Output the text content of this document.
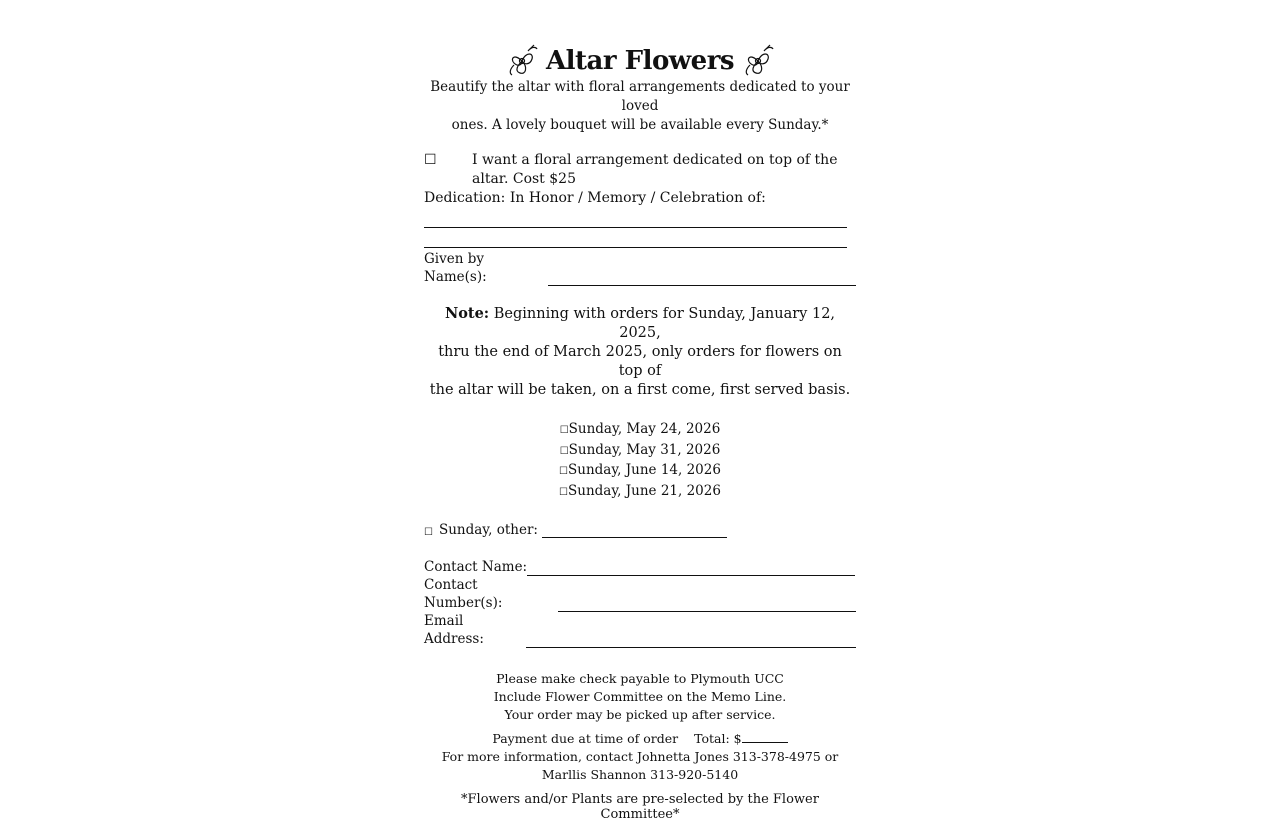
Altar Flowers
Beautify the altar with floral arrangements dedicated to your loved
ones. A lovely bouquet will be available every Sunday.*
☐	I want a floral arrangement dedicated on top of the
altar. Cost $25
Dedication: In Honor / Memory / Celebration of:
Given by Name(s):
Note: Beginning with orders for Sunday, January 12, 2025,
thru the end of March 2025, only orders for flowers on top of
the altar will be taken, on a first come, first served basis.
☐Sunday, May 24, 2026
☐Sunday, May 31, 2026
☐Sunday, June 14, 2026
☐Sunday, June 21, 2026
☐ Sunday, other:
Contact Name:
Contact Number(s):
Email Address:
Please make check payable to Plymouth UCC
Include Flower Committee on the Memo Line.
Your order may be picked up after service.
Payment due at time of order Total: $
For more information, contact Johnetta Jones 313-378-4975 or
Marllis Shannon 313-920-5140
*Flowers and/or Plants are pre-selected by the Flower Committee*
